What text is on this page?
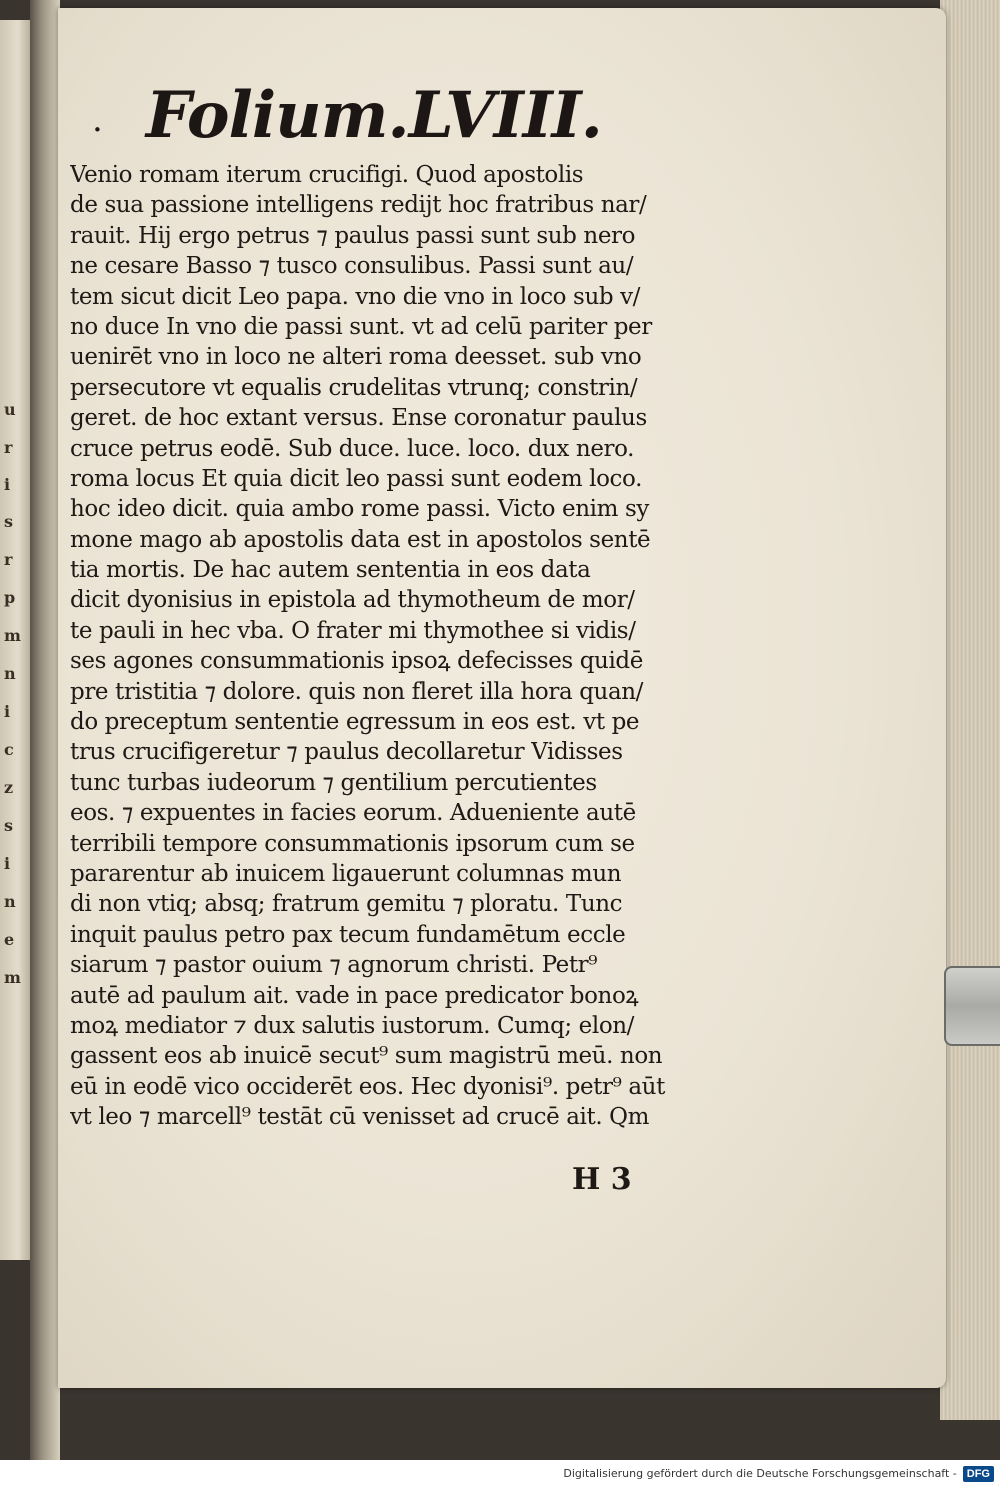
u
r
i
s
r
p
m
n
i
c
z
s
i
n
e
m
. Folium.LVIII.
Venio romam iterum crucifigi. Quod apostolis
de sua passione intelligens redijt hoc fratribus nar/
rauit. Hij ergo petrus ⁊ paulus passi sunt sub nero
ne cesare Basso ⁊ tusco consulibus. Passi sunt au/
tem sicut dicit Leo papa. vno die vno in loco sub v/
no duce In vno die passi sunt. vt ad celū pariter per
uenirēt vno in loco ne alteri roma deesset. sub vno
persecutore vt equalis crudelitas vtrunq; constrin/
geret. de hoc extant versus. Ense coronatur paulus
cruce petrus eodē. Sub duce. luce. loco. dux nero.
roma locus Et quia dicit leo passi sunt eodem loco.
hoc ideo dicit. quia ambo rome passi. Victo enim sy
mone mago ab apostolis data est in apostolos sentē
tia mortis. De hac autem sententia in eos data
dicit dyonisius in epistola ad thymotheum de mor/
te pauli in hec vba. O frater mi thymothee si vidis/
ses agones consummationis ipsoꝝ defecisses quidē
pre tristitia ⁊ dolore. quis non fleret illa hora quan/
do preceptum sententie egressum in eos est. vt pe
trus crucifigeretur ⁊ paulus decollaretur Vidisses
tunc turbas iudeorum ⁊ gentilium percutientes
eos. ⁊ expuentes in facies eorum. Adueniente autē
terribili tempore consummationis ipsorum cum se
pararentur ab inuicem ligauerunt columnas mun
di non vtiq; absq; fratrum gemitu ⁊ ploratu. Tunc
inquit paulus petro pax tecum fundamētum eccle
siarum ⁊ pastor ouium ⁊ agnorum christi. Petr⁹
autē ad paulum ait. vade in pace predicator bonoꝝ
moꝝ mediator ⁊ dux salutis iustorum. Cumq; elon/
gassent eos ab inuicē secut⁹ sum magistrū meū. non
eū in eodē vico occiderēt eos. Hec dyonisi⁹. petr⁹ aūt
vt leo ⁊ marcell⁹ testāt cū venisset ad crucē ait. Qm
H 3
Digitalisierung gefördert durch die Deutsche Forschungsgemeinschaft - DFG
